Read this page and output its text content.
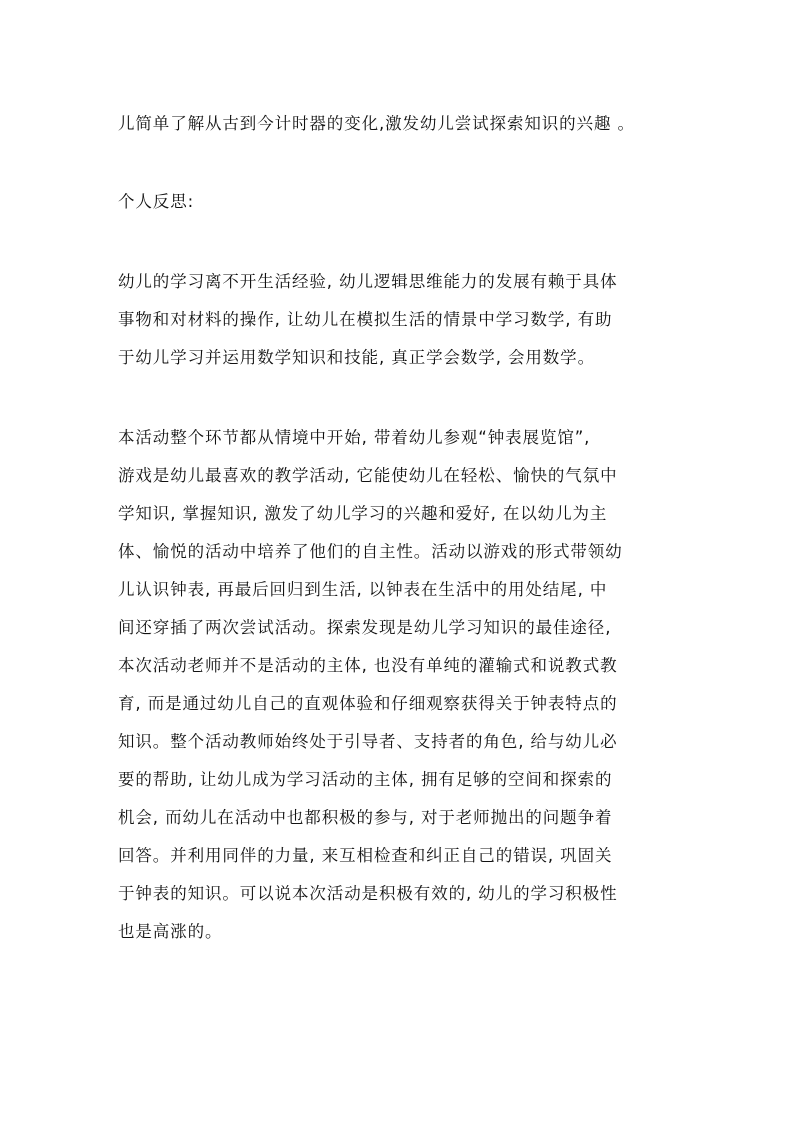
儿简单了解从古到今计时器的变化,激发幼儿尝试探索知识的兴趣 。
个人反思:
幼儿的学习离不开生活经验, 幼儿逻辑思维能力的发展有赖于具体
事物和对材料的操作, 让幼儿在模拟生活的情景中学习数学, 有助
于幼儿学习并运用数学知识和技能, 真正学会数学, 会用数学。
本活动整个环节都从情境中开始, 带着幼儿参观“钟表展览馆”,
游戏是幼儿最喜欢的教学活动, 它能使幼儿在轻松、愉快的气氛中
学知识, 掌握知识, 激发了幼儿学习的兴趣和爱好, 在以幼儿为主
体、愉悦的活动中培养了他们的自主性。活动以游戏的形式带领幼
儿认识钟表, 再最后回归到生活, 以钟表在生活中的用处结尾, 中
间还穿插了两次尝试活动。探索发现是幼儿学习知识的最佳途径,
本次活动老师并不是活动的主体, 也没有单纯的灌输式和说教式教
育, 而是通过幼儿自己的直观体验和仔细观察获得关于钟表特点的
知识。整个活动教师始终处于引导者、支持者的角色, 给与幼儿必
要的帮助, 让幼儿成为学习活动的主体, 拥有足够的空间和探索的
机会, 而幼儿在活动中也都积极的参与, 对于老师抛出的问题争着
回答。并利用同伴的力量, 来互相检查和纠正自己的错误, 巩固关
于钟表的知识。可以说本次活动是积极有效的, 幼儿的学习积极性
也是高涨的。
